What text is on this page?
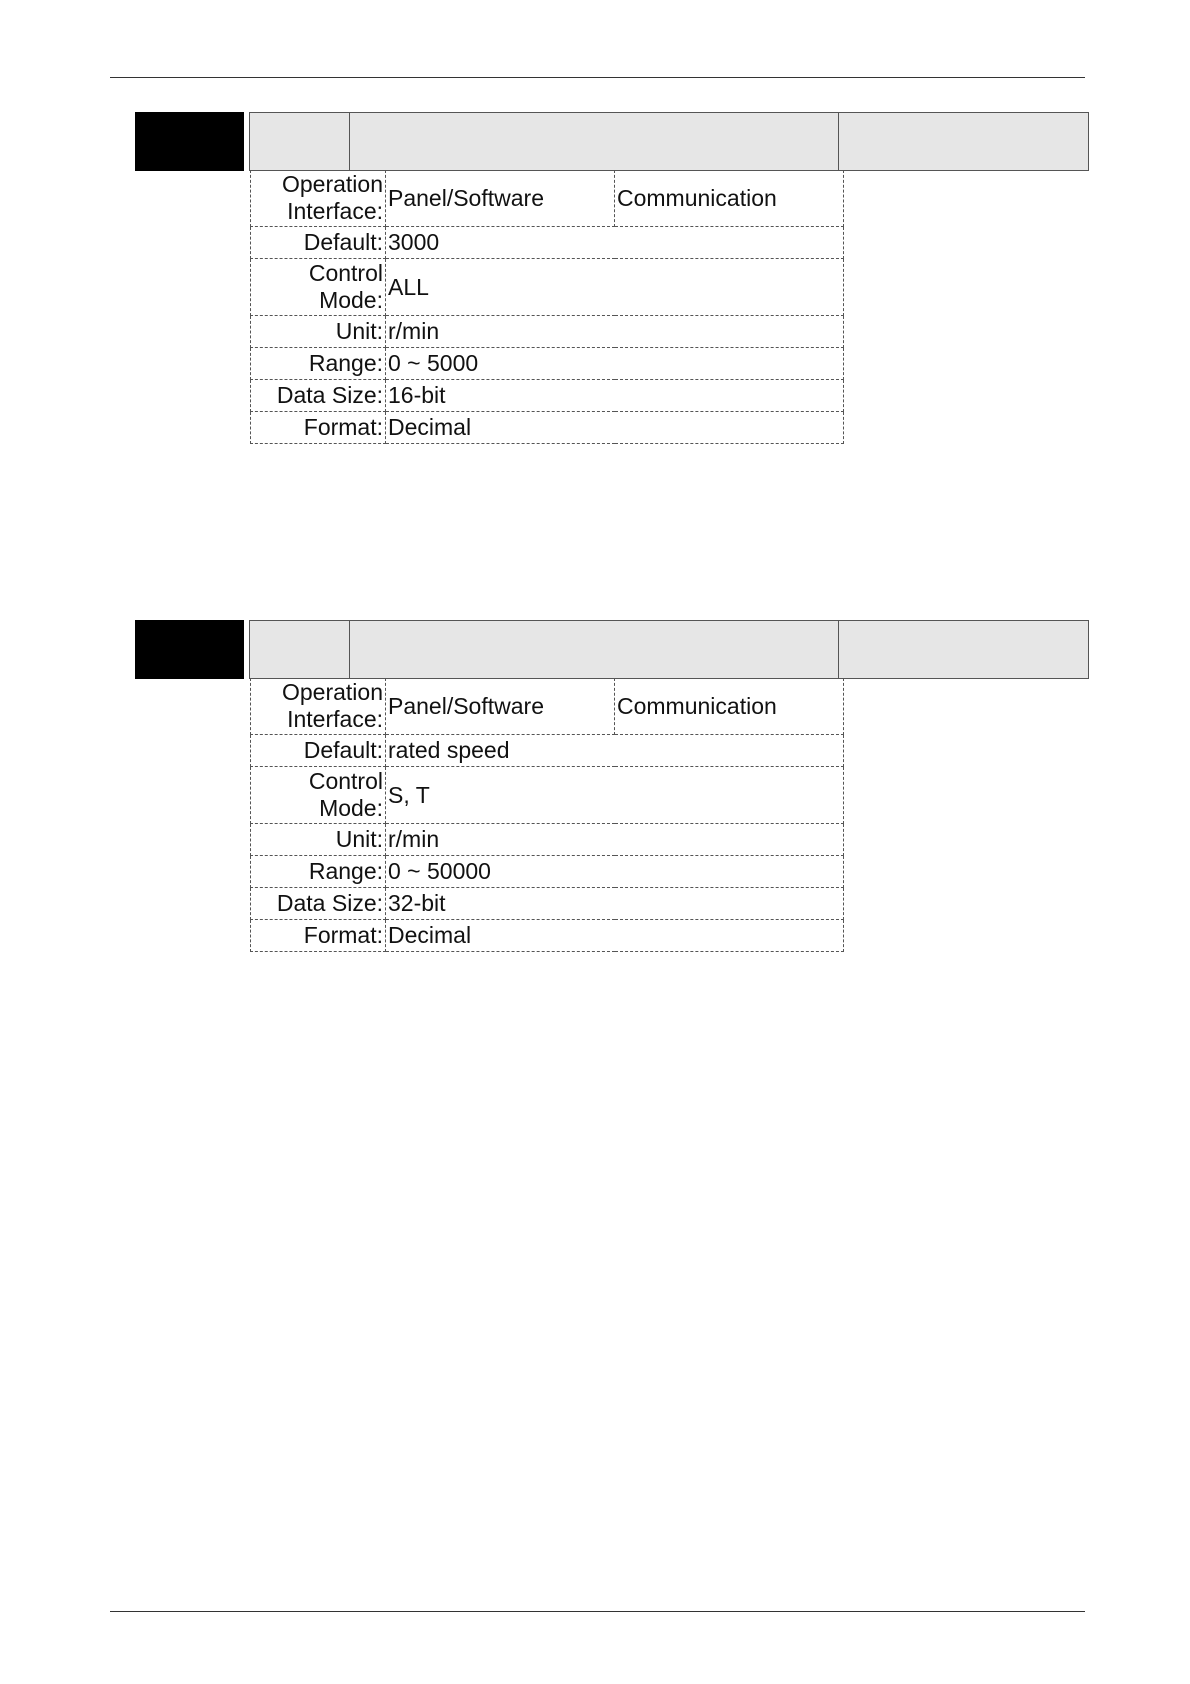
Operation
Interface:	Panel/Software	Communication
Default:	3000	
Control
Mode:	ALL	
Unit:	r/min	
Range:	0 ~ 5000	
Data Size:	16-bit	
Format:	Decimal	
Operation
Interface:	Panel/Software	Communication
Default:	rated speed	
Control
Mode:	S, T	
Unit:	r/min	
Range:	0 ~ 50000	
Data Size:	32-bit	
Format:	Decimal	
